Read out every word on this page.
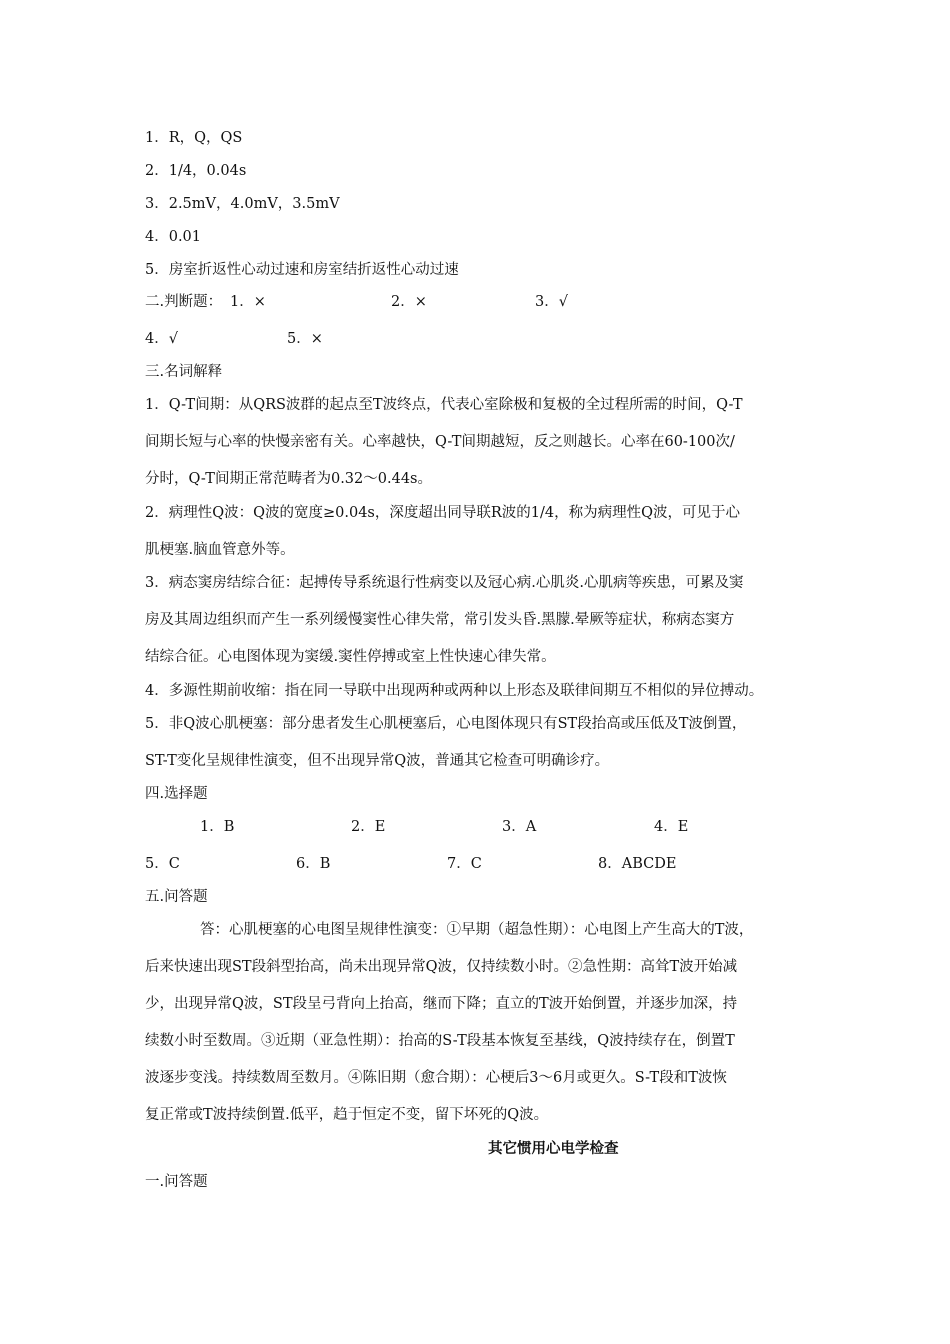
1．R，Q，QS
2．1/4，0.04s
3．2.5mV，4.0mV，3.5mV
4．0.01
5．房室折返性心动过速和房室结折返性心动过速
二.判断题： 1．×	2．×	3．√
4．√	5．×
三.名词解释
1．Q-T间期：从QRS波群的起点至T波终点，代表心室除极和复极的全过程所需的时间，Q-T
间期长短与心率的快慢亲密有关。心率越快，Q-T间期越短，反之则越长。心率在60-100次/
分时，Q-T间期正常范畴者为0.32～0.44s。
2．病理性Q波：Q波的宽度≥0.04s，深度超出同导联R波的1/4，称为病理性Q波，可见于心
肌梗塞.脑血管意外等。
3．病态窦房结综合征：起搏传导系统退行性病变以及冠心病.心肌炎.心肌病等疾患，可累及窦
房及其周边组织而产生一系列缓慢窦性心律失常，常引发头昏.黑朦.晕厥等症状，称病态窦方
结综合征。心电图体现为窦缓.窦性停搏或室上性快速心律失常。
4．多源性期前收缩：指在同一导联中出现两种或两种以上形态及联律间期互不相似的异位搏动。
5．非Q波心肌梗塞：部分患者发生心肌梗塞后，心电图体现只有ST段抬高或压低及T波倒置，
ST-T变化呈规律性演变，但不出现异常Q波，普通其它检查可明确诊疗。
四.选择题
1．B	2．E	3．A	4．E
5．C	6．B	7．C	8．ABCDE
五.问答题
答：心肌梗塞的心电图呈规律性演变：①早期（超急性期）：心电图上产生高大的T波，
后来快速出现ST段斜型抬高，尚未出现异常Q波，仅持续数小时。②急性期：高耸T波开始减
少，出现异常Q波，ST段呈弓背向上抬高，继而下降；直立的T波开始倒置，并逐步加深，持
续数小时至数周。③近期（亚急性期）：抬高的S-T段基本恢复至基线，Q波持续存在，倒置T
波逐步变浅。持续数周至数月。④陈旧期（愈合期）：心梗后3～6月或更久。S-T段和T波恢
复正常或T波持续倒置.低平，趋于恒定不变，留下坏死的Q波。
其它惯用心电学检查
一.问答题
